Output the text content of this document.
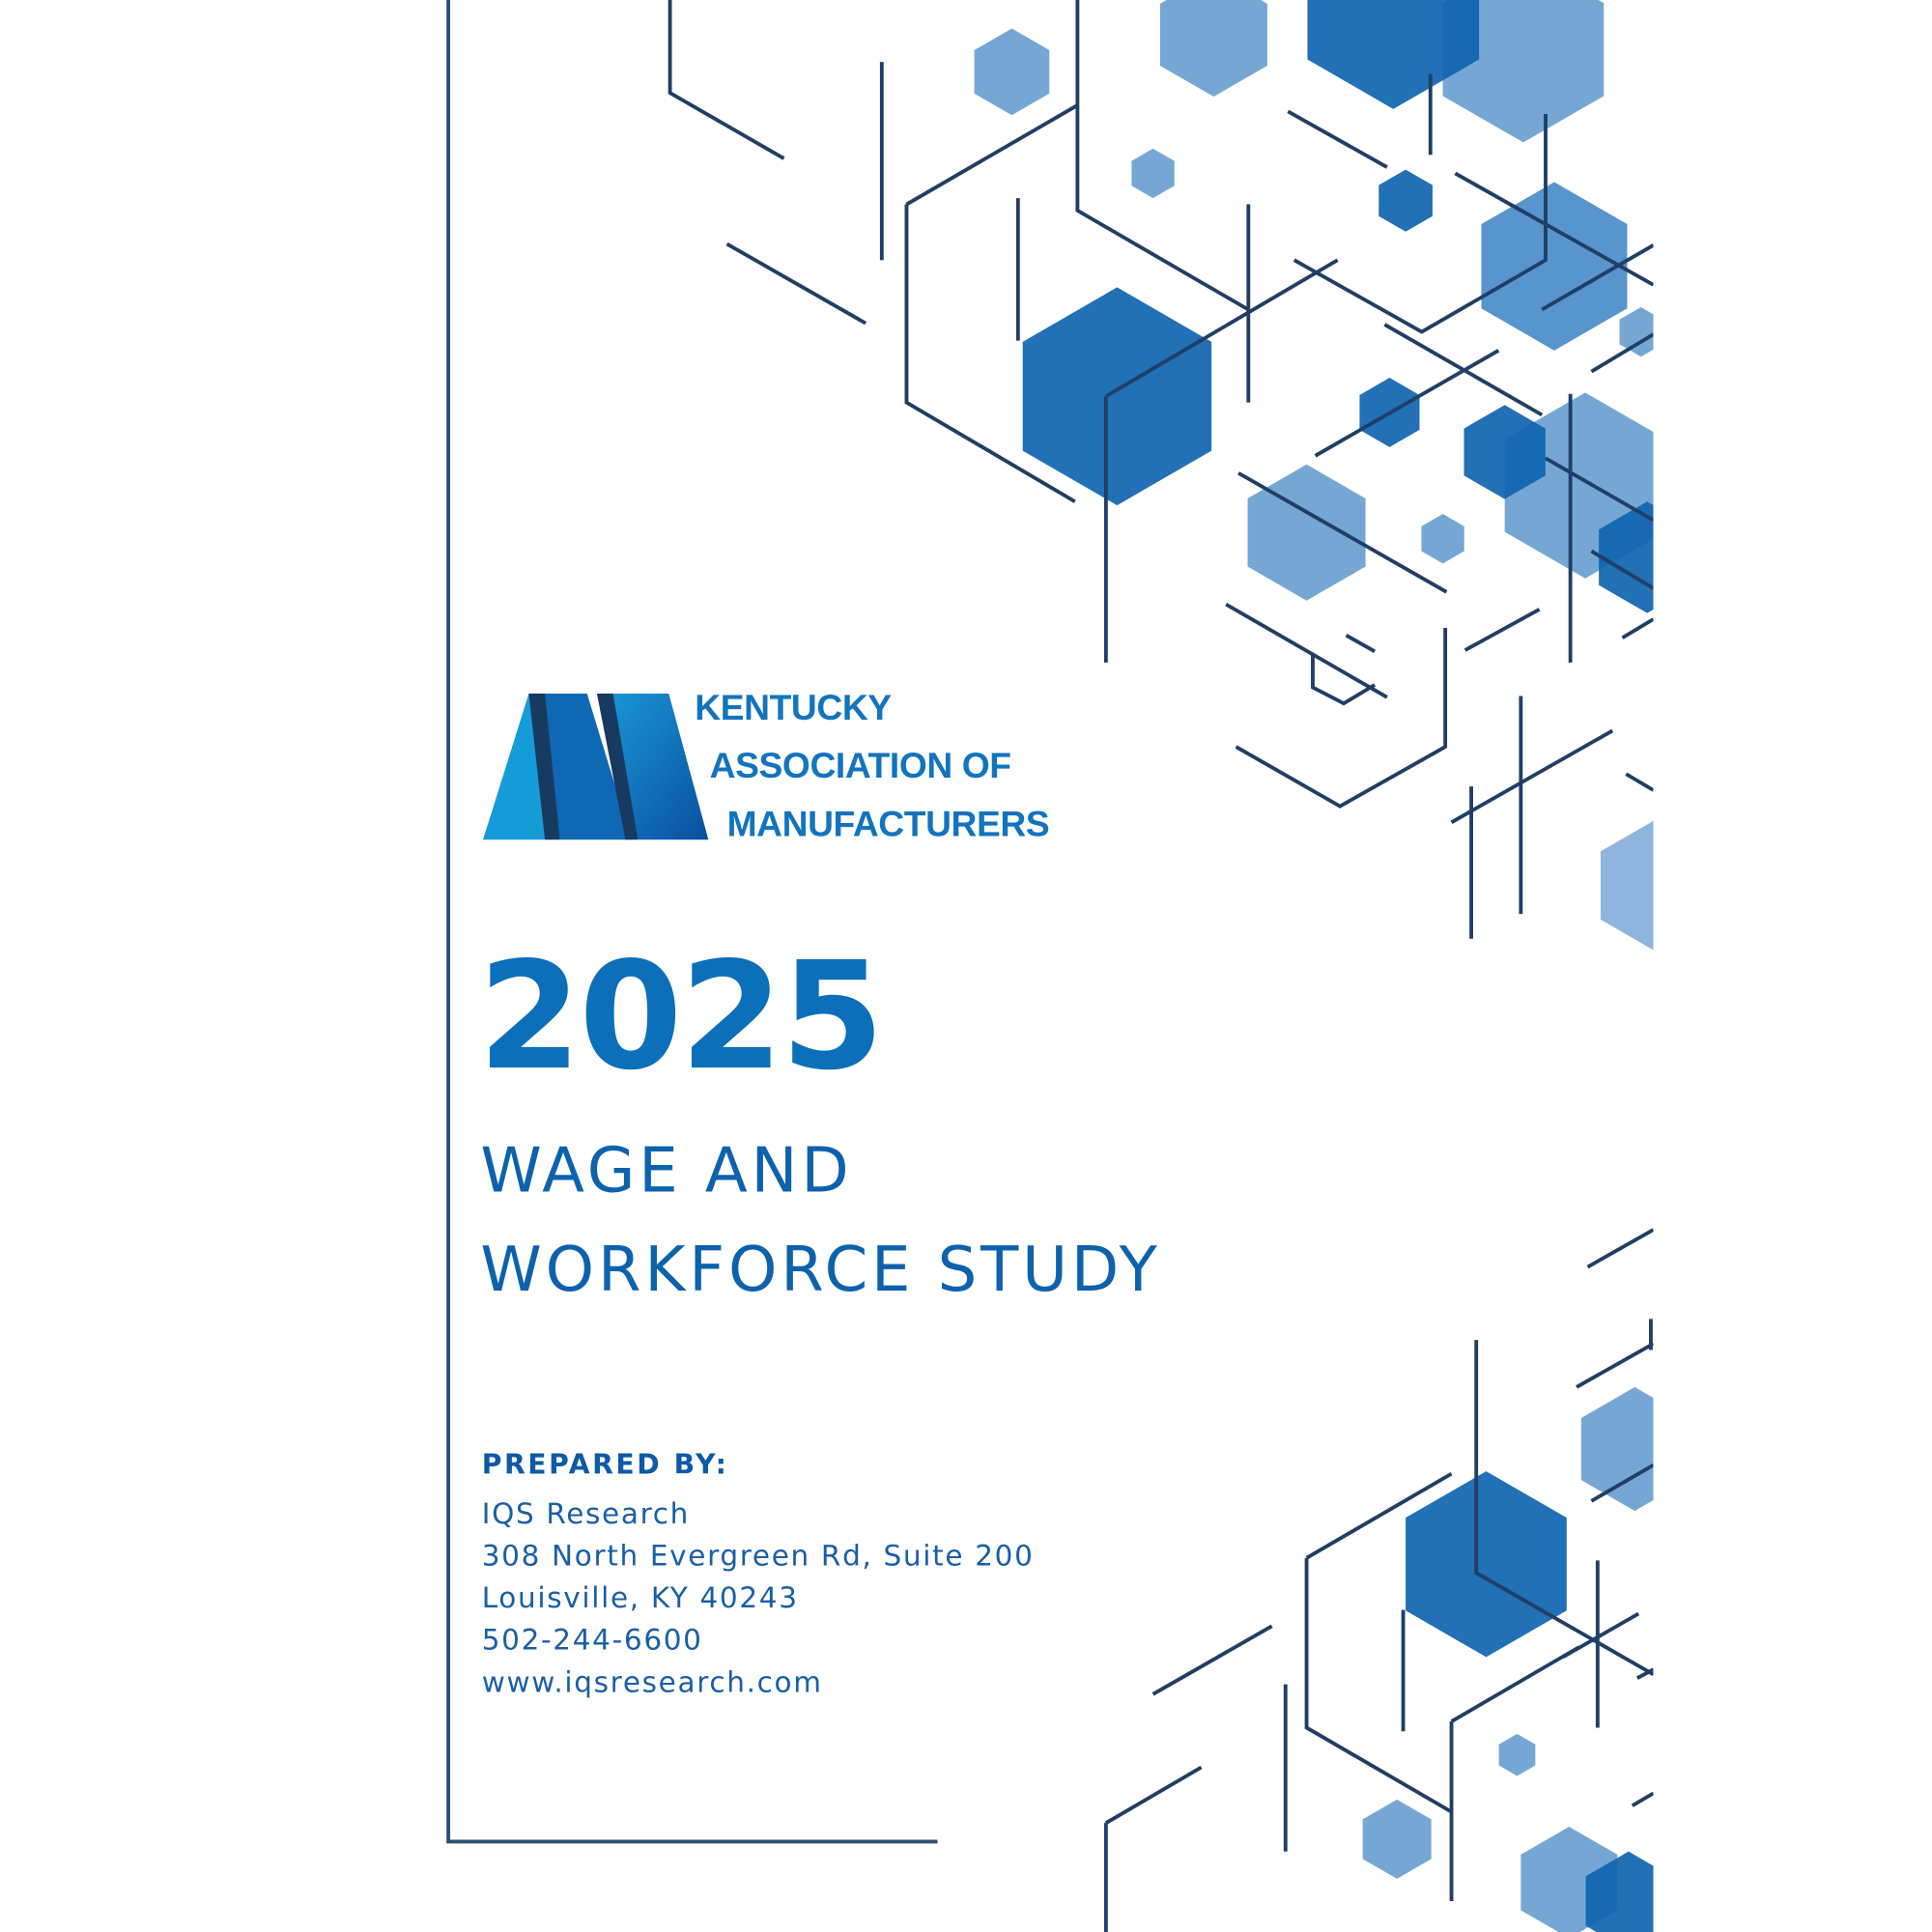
KENTUCKY
ASSOCIATION OF
MANUFACTURERS
2025
WAGE AND
WORKFORCE STUDY
PREPARED BY:
IQS Research
308 North Evergreen Rd, Suite 200
Louisville, KY 40243
502-244-6600
www.iqsresearch.com
